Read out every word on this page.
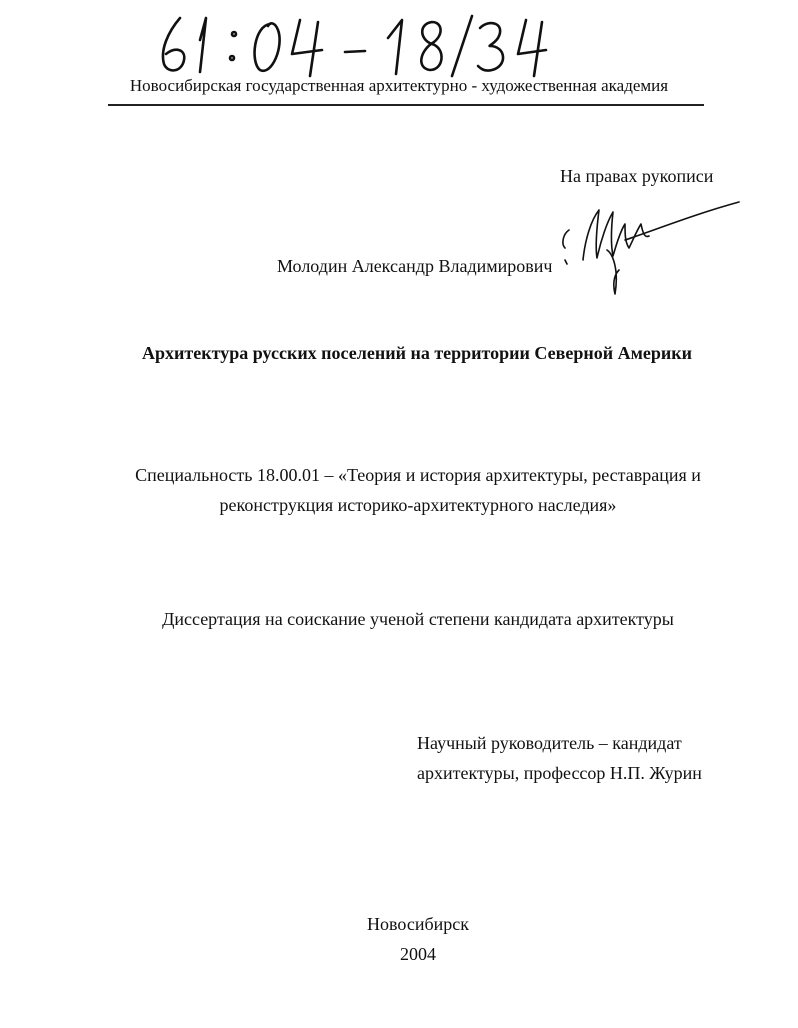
Новосибирская государственная архитектурно - художественная академия
На правах рукописи
Молодин Александр Владимирович
Архитектура русских поселений на территории Северной Америки
Специальность 18.00.01 – «Теория и история архитектуры, реставрация и
реконструкция историко-архитектурного наследия»
Диссертация на соискание ученой степени кандидата архитектуры
Научный руководитель – кандидат
архитектуры, профессор Н.П. Журин
Новосибирск
2004
